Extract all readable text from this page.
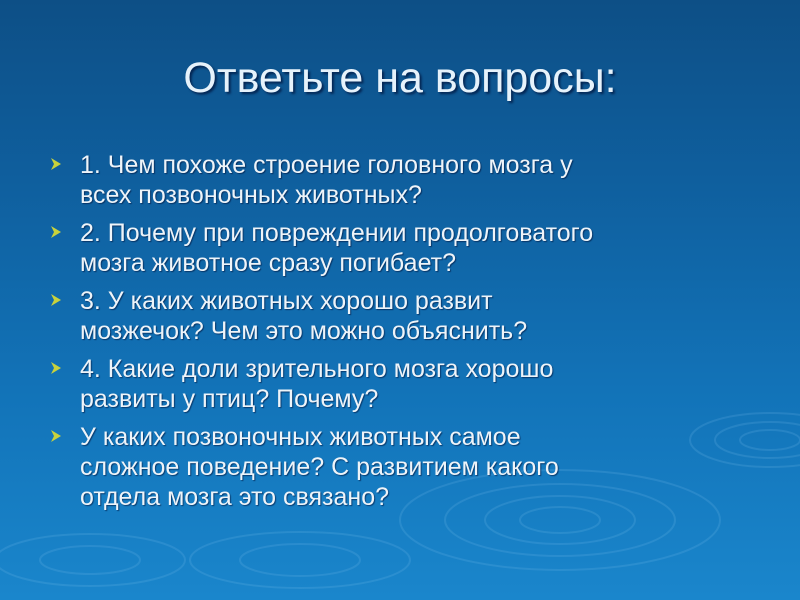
Ответьте на вопросы:
1. Чем похоже строение головного мозга у
всех позвоночных животных?
2. Почему при повреждении продолговатого
мозга животное сразу погибает?
3. У каких животных хорошо развит
мозжечок? Чем это можно объяснить?
4. Какие доли зрительного мозга хорошо
развиты у птиц? Почему?
У каких позвоночных животных самое
сложное поведение? С развитием какого
отдела мозга это связано?
